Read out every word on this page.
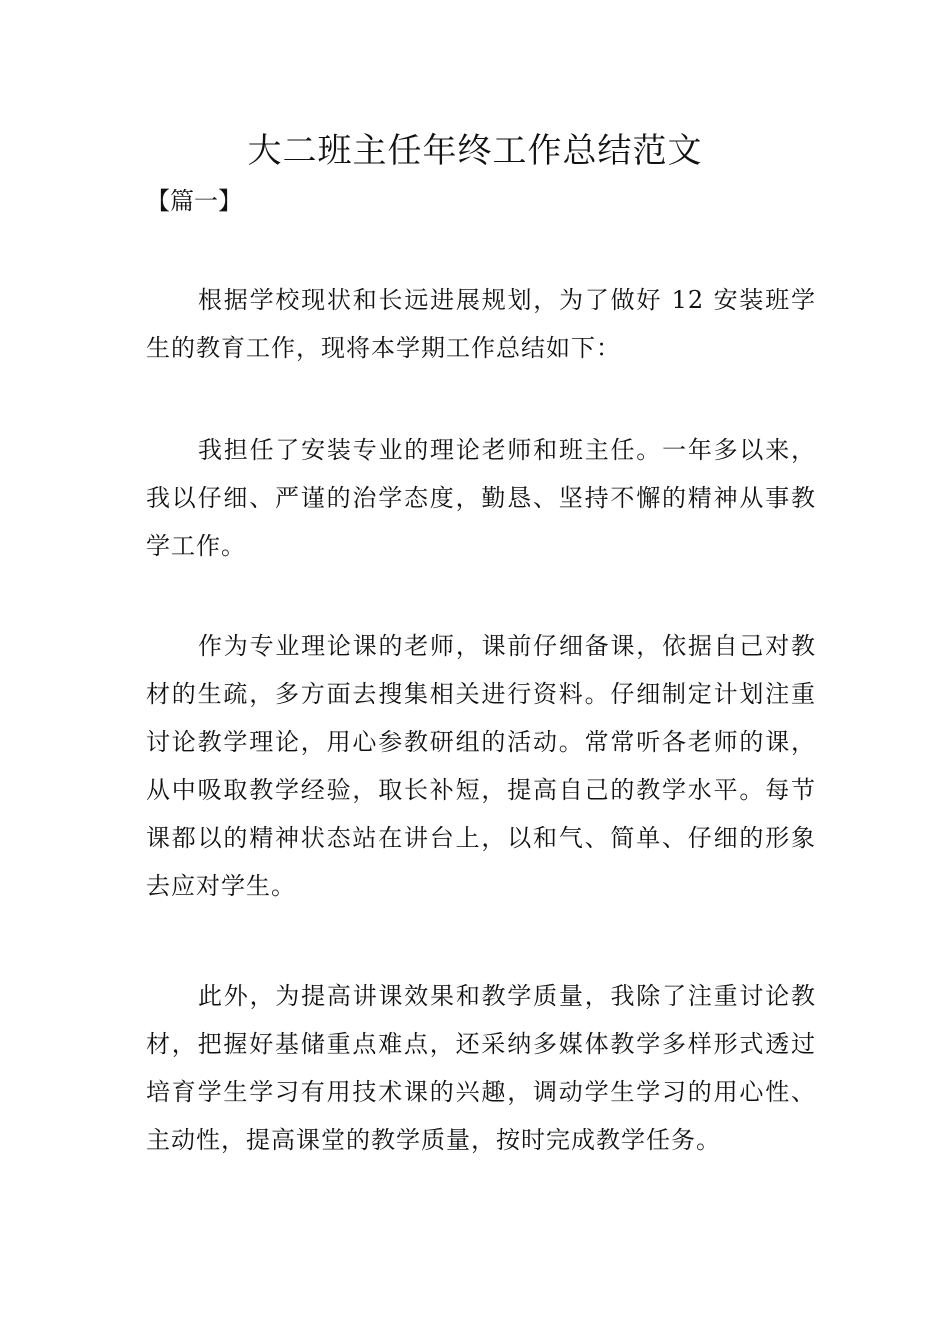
大二班主任年终工作总结范文

【篇一】

根据学校现状和长远进展规划，为了做好 12 安装班学生的教育工作，现将本学期工作总结如下：

我担任了安装专业的理论老师和班主任。一年多以来，我以仔细、严谨的治学态度，勤恳、坚持不懈的精神从事教学工作。

作为专业理论课的老师，课前仔细备课，依据自己对教材的生疏，多方面去搜集相关进行资料。仔细制定计划注重讨论教学理论，用心参教研组的活动。常常听各老师的课，从中吸取教学经验，取长补短，提高自己的教学水平。每节课都以的精神状态站在讲台上，以和气、简单、仔细的形象去应对学生。

此外，为提高讲课效果和教学质量，我除了注重讨论教材，把握好基储重点难点，还采纳多媒体教学多样形式透过培育学生学习有用技术课的兴趣，调动学生学习的用心性、主动性，提高课堂的教学质量，按时完成教学任务。
